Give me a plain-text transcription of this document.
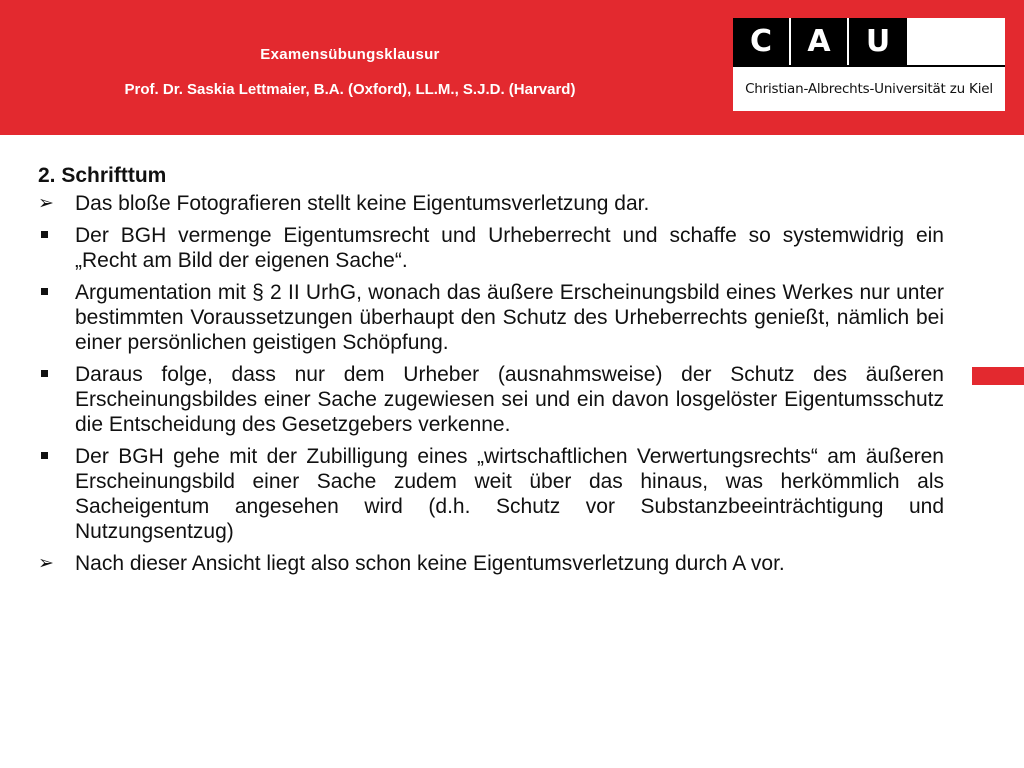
Examensübungsklausur
Prof. Dr. Saskia Lettmaier, B.A. (Oxford), LL.M., S.J.D. (Harvard)
C	A	U
Christian-Albrechts-Universität zu Kiel
2. Schrifttum
➢
Das bloße Fotografieren stellt keine Eigentumsverletzung dar.
Der BGH vermenge Eigentumsrecht und Urheberrecht und schaffe so systemwidrig ein „Recht am Bild der eigenen Sache“.
Argumentation mit § 2 II UrhG, wonach das äußere Erscheinungsbild eines Werkes nur unter bestimmten Voraussetzungen überhaupt den Schutz des Urheberrechts genießt, nämlich bei einer persönlichen geistigen Schöpfung.
Daraus folge, dass nur dem Urheber (ausnahmsweise) der Schutz des äußeren Erscheinungsbildes einer Sache zugewiesen sei und ein davon losgelöster Eigentumsschutz die Entscheidung des Gesetzgebers verkenne.
Der BGH gehe mit der Zubilligung eines „wirtschaftlichen Verwertungsrechts“ am äußeren Erscheinungsbild einer Sache zudem weit über das hinaus, was herkömmlich als Sacheigentum angesehen wird (d.h. Schutz vor Substanzbeeinträchtigung und Nutzungsentzug)
➢
Nach dieser Ansicht liegt also schon keine Eigentumsverletzung durch A vor.
